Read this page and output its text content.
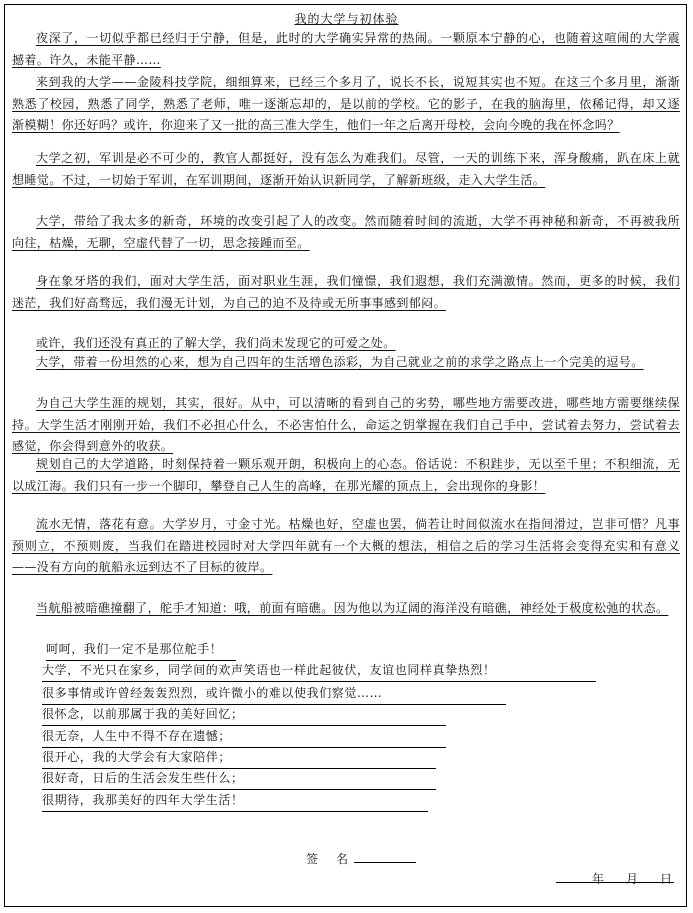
我的大学与初体验
夜深了，一切似乎都已经归于宁静，但是，此时的大学确实异常的热闹。一颗原本宁静的心，也随着这喧闹的大学震撼着。许久，未能平静……
来到我的大学——金陵科技学院，细细算来，已经三个多月了，说长不长，说短其实也不短。在这三个多月里，渐渐熟悉了校园，熟悉了同学，熟悉了老师，唯一逐渐忘却的，是以前的学校。它的影子，在我的脑海里，依稀记得，却又逐渐模糊！你还好吗？或许，你迎来了又一批的高三准大学生，他们一年之后离开母校，会向今晚的我在怀念吗？
大学之初，军训是必不可少的，教官人都挺好，没有怎么为难我们。尽管，一天的训练下来，浑身酸痛，趴在床上就想睡觉。不过，一切始于军训，在军训期间，逐渐开始认识新同学，了解新班级，走入大学生活。
大学，带给了我太多的新奇，环境的改变引起了人的改变。然而随着时间的流逝，大学不再神秘和新奇，不再被我所向往，枯燥，无聊，空虚代替了一切，思念接踵而至。
身在象牙塔的我们，面对大学生活，面对职业生涯，我们憧憬，我们遐想，我们充满激情。然而，更多的时候，我们迷茫，我们好高骛远，我们漫无计划，为自己的迫不及待或无所事事感到郁闷。
或许，我们还没有真正的了解大学，我们尚未发现它的可爱之处。
大学，带着一份坦然的心来，想为自己四年的生活增色添彩，为自己就业之前的求学之路点上一个完美的逗号。
为自己大学生涯的规划，其实，很好。从中，可以清晰的看到自己的劣势，哪些地方需要改进，哪些地方需要继续保持。大学生活才刚刚开始，我们不必担心什么，不必害怕什么，命运之钥掌握在我们自己手中，尝试着去努力，尝试着去感觉，你会得到意外的收获。
规划自己的大学道路，时刻保持着一颗乐观开朗，积极向上的心态。俗话说：不积跬步，无以至千里；不积细流，无以成江海。我们只有一步一个脚印，攀登自己人生的高峰，在那光耀的顶点上，会出现你的身影！
流水无情，落花有意。大学岁月，寸金寸光。枯燥也好，空虚也罢，倘若让时间似流水在指间滑过，岂非可惜？凡事预则立，不预则废，当我们在踏进校园时对大学四年就有一个大概的想法，相信之后的学习生活将会变得充实和有意义——没有方向的航船永远到达不了目标的彼岸。
当航船被暗礁撞翻了，舵手才知道：哦，前面有暗礁。因为他以为辽阔的海洋没有暗礁，神经处于极度松弛的状态。
呵呵，我们一定不是那位舵手！
大学，不光只在家乡，同学间的欢声笑语也一样此起彼伏，友谊也同样真挚热烈！
很多事情或许曾经轰轰烈烈，或许微小的难以使我们察觉……
很怀念，以前那属于我的美好回忆；
很无奈，人生中不得不存在遗憾；
很开心，我的大学会有大家陪伴；
很好奇，日后的生活会发生些什么；
很期待，我那美好的四年大学生活！
签名
年 月 日
